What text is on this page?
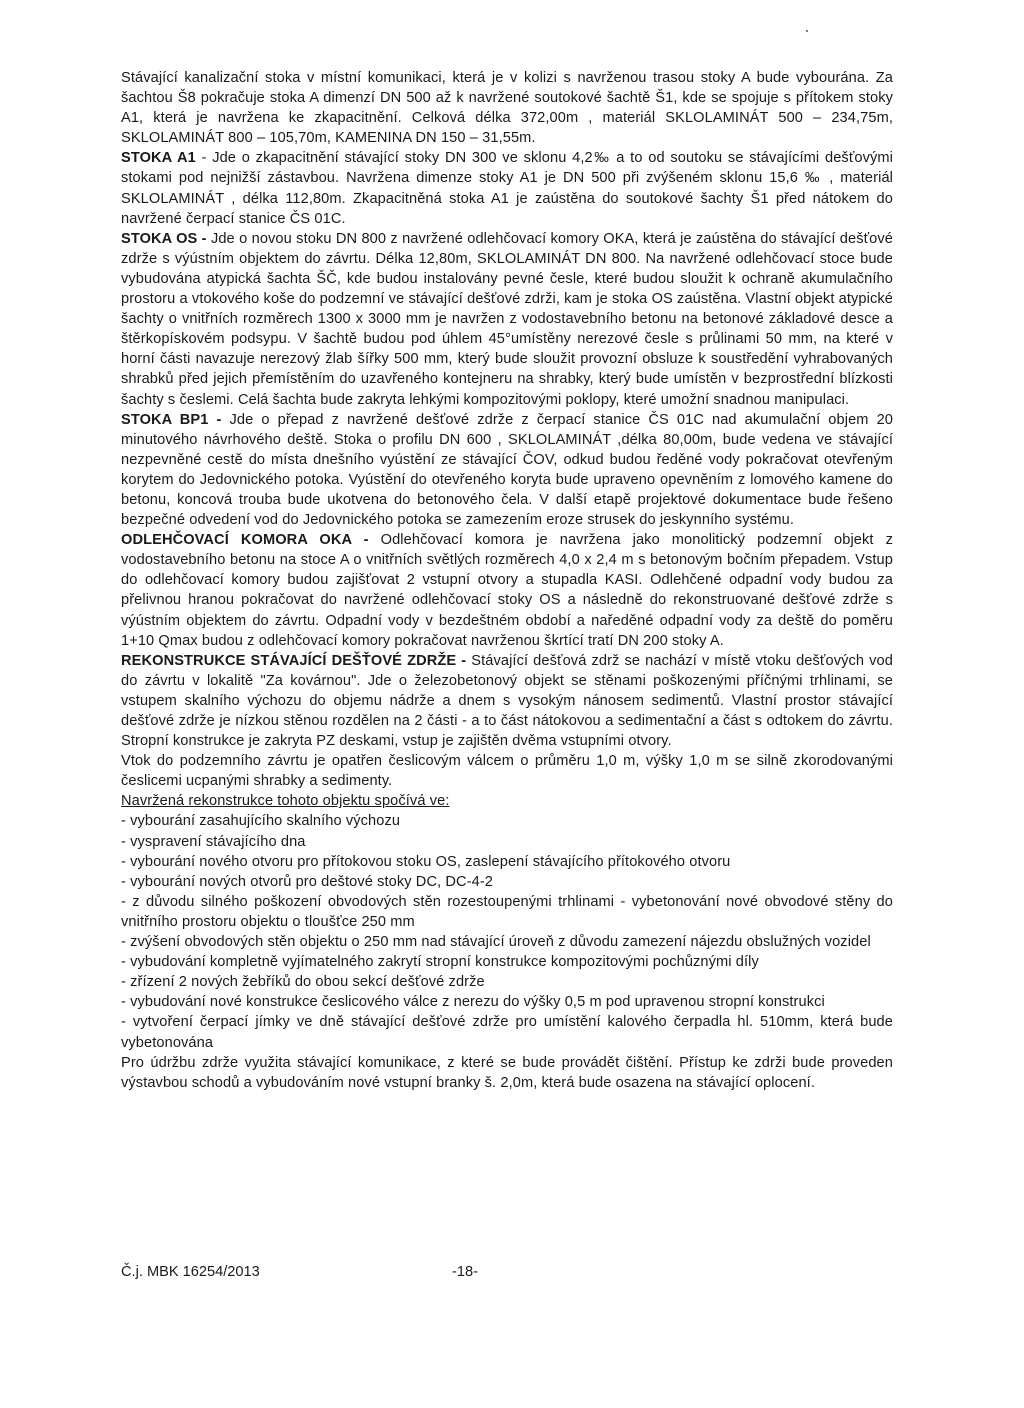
Stávající kanalizační stoka v místní komunikaci, která je v kolizi s navrženou trasou stoky A bude vybourána. Za šachtou Š8 pokračuje stoka A dimenzí DN 500 až k navržené soutokové šachtě Š1, kde se spojuje s přítokem stoky A1, která je navržena ke zkapacitnění. Celková délka 372,00m , materiál SKLOLAMINÁT 500 – 234,75m, SKLOLAMINÁT 800 – 105,70m, KAMENINA DN 150 – 31,55m.

STOKA A1 - Jde o zkapacitnění stávající stoky DN 300 ve sklonu 4,2‰ a to od soutoku se stávajícími dešťovými stokami pod nejnižší zástavbou. Navržena dimenze stoky A1 je DN 500 při zvýšeném sklonu 15,6 ‰ , materiál SKLOLAMINÁT , délka 112,80m. Zkapacitněná stoka A1 je zaústěna do soutokové šachty Š1 před nátokem do navržené čerpací stanice ČS 01C.

STOKA OS - Jde o novou stoku DN 800 z navržené odlehčovací komory OKA, která je zaústěna do stávající dešťové zdrže s výústním objektem do závrtu. Délka 12,80m, SKLOLAMINÁT DN 800. Na navržené odlehčovací stoce bude vybudována atypická šachta ŠČ, kde budou instalovány pevné česle, které budou sloužit k ochraně akumulačního prostoru a vtokového koše do podzemní ve stávající dešťové zdrži, kam je stoka OS zaústěna. Vlastní objekt atypické šachty o vnitřních rozměrech 1300 x 3000 mm je navržen z vodostavebního betonu na betonové základové desce a štěrkopískovém podsypu. V šachtě budou pod úhlem 45°umístěny nerezové česle s průlinami 50 mm, na které v horní části navazuje nerezový žlab šířky 500 mm, který bude sloužit provozní obsluze k soustředění vyhrabovaných shrabků před jejich přemístěním do uzavřeného kontejneru na shrabky, který bude umístěn v bezprostřední blízkosti šachty s česlemi. Celá šachta bude zakryta lehkými kompozitovými poklopy, které umožní snadnou manipulaci.

STOKA BP1 - Jde o přepad z navržené dešťové zdrže z čerpací stanice ČS 01C nad akumulační objem 20 minutového návrhového deště. Stoka o profilu DN 600 , SKLOLAMINÁT ,délka 80,00m, bude vedena ve stávající nezpevněné cestě do místa dnešního vyústění ze stávající ČOV, odkud budou ředěné vody pokračovat otevřeným korytem do Jedovnického potoka. Vyústění do otevřeného koryta bude upraveno opevněním z lomového kamene do betonu, koncová trouba bude ukotvena do betonového čela. V další etapě projektové dokumentace bude řešeno bezpečné odvedení vod do Jedovnického potoka se zamezením eroze strusek do jeskynního systému.

ODLEHČOVACÍ KOMORA OKA - Odlehčovací komora je navržena jako monolitický podzemní objekt z vodostavebního betonu na stoce A o vnitřních světlých rozměrech 4,0 x 2,4 m s betonovým bočním přepadem. Vstup do odlehčovací komory budou zajišťovat 2 vstupní otvory a stupadla KASI. Odlehčené odpadní vody budou za přelivnou hranou pokračovat do navržené odlehčovací stoky OS a následně do rekonstruované dešťové zdrže s výústním objektem do závrtu. Odpadní vody v bezdeštném období a naředěné odpadní vody za deště do poměru 1+10 Qmax budou z odlehčovací komory pokračovat navrženou škrtící tratí DN 200 stoky A.

REKONSTRUKCE STÁVAJÍCÍ DEŠŤOVÉ ZDRŽE - Stávající dešťová zdrž se nachází v místě vtoku dešťových vod do závrtu v lokalitě "Za kovárnou". Jde o železobetonový objekt se stěnami poškozenými příčnými trhlinami, se vstupem skalního výchozu do objemu nádrže a dnem s vysokým nánosem sedimentů. Vlastní prostor stávající dešťové zdrže je nízkou stěnou rozdělen na 2 části - a to část nátokovou a sedimentační a část s odtokem do závrtu. Stropní konstrukce je zakryta PZ deskami, vstup je zajištěn dvěma vstupními otvory.

Vtok do podzemního závrtu je opatřen česlicovým válcem o průměru 1,0 m, výšky 1,0 m se silně zkorodovanými česlicemi ucpanými shrabky a sedimenty.

Navržená rekonstrukce tohoto objektu spočívá ve:

- vybourání zasahujícího skalního výchozu

- vyspravení stávajícího dna

- vybourání nového otvoru pro přítokovou stoku OS, zaslepení stávajícího přítokového otvoru

- vybourání nových otvorů pro deštové stoky DC, DC-4-2

- z důvodu silného poškození obvodových stěn rozestoupenými trhlinami - vybetonování nové obvodové stěny do vnitřního prostoru objektu o tloušťce 250 mm

- zvýšení obvodových stěn objektu o 250 mm nad stávající úroveň z důvodu zamezení nájezdu obslužných vozidel

- vybudování kompletně vyjímatelného zakrytí stropní konstrukce kompozitovými pochůznými díly

- zřízení 2 nových žebříků do obou sekcí dešťové zdrže

- vybudování nové konstrukce česlicového válce z nerezu do výšky 0,5 m pod upravenou stropní konstrukci

- vytvoření čerpací jímky ve dně stávající dešťové zdrže pro umístění kalového čerpadla hl. 510mm, která bude vybetonována

Pro údržbu zdrže využita stávající komunikace, z které se bude provádět čištění. Přístup ke zdrži bude proveden výstavbou schodů a vybudováním nové vstupní branky š. 2,0m, která bude osazena na stávající oplocení.

Č.j. MBK 16254/2013	-18-
